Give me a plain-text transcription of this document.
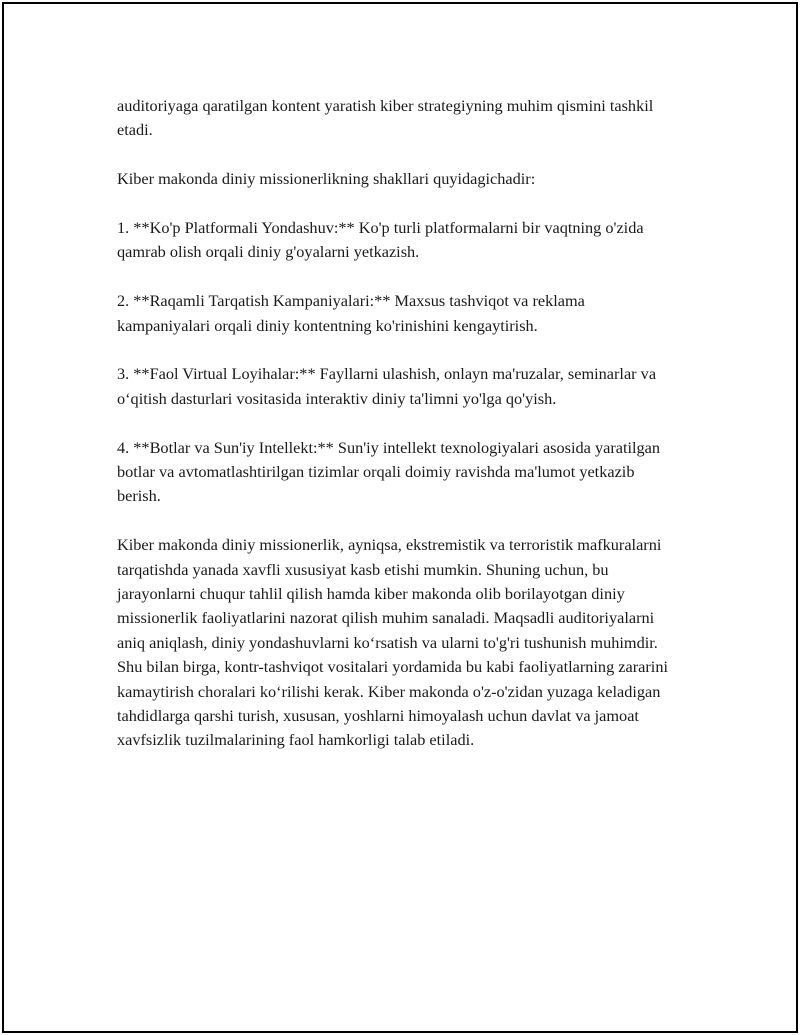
auditoriyaga qaratilgan kontent yaratish kiber strategiyning muhim qismini tashkil etadi.

Kiber makonda diniy missionerlikning shakllari quyidagichadir:

1. **Ko'p Platformali Yondashuv:** Ko'p turli platformalarni bir vaqtning o'zida qamrab olish orqali diniy g'oyalarni yetkazish.

2. **Raqamli Tarqatish Kampaniyalari:** Maxsus tashviqot va reklama kampaniyalari orqali diniy kontentning ko'rinishini kengaytirish.

3. **Faol Virtual Loyihalar:** Fayllarni ulashish, onlayn ma'ruzalar, seminarlar va o‘qitish dasturlari vositasida interaktiv diniy ta'limni yo'lga qo'yish.

4. **Botlar va Sun'iy Intellekt:** Sun'iy intellekt texnologiyalari asosida yaratilgan botlar va avtomatlashtirilgan tizimlar orqali doimiy ravishda ma'lumot yetkazib berish.

Kiber makonda diniy missionerlik, ayniqsa, ekstremistik va terroristik mafkuralarni tarqatishda yanada xavfli xususiyat kasb etishi mumkin. Shuning uchun, bu jarayonlarni chuqur tahlil qilish hamda kiber makonda olib borilayotgan diniy missionerlik faoliyatlarini nazorat qilish muhim sanaladi. Maqsadli auditoriyalarni aniq aniqlash, diniy yondashuvlarni ko‘rsatish va ularni to'g'ri tushunish muhimdir. Shu bilan birga, kontr-tashviqot vositalari yordamida bu kabi faoliyatlarning zararini kamaytirish choralari ko‘rilishi kerak. Kiber makonda o'z-o'zidan yuzaga keladigan tahdidlarga qarshi turish, xususan, yoshlarni himoyalash uchun davlat va jamoat xavfsizlik tuzilmalarining faol hamkorligi talab etiladi.
